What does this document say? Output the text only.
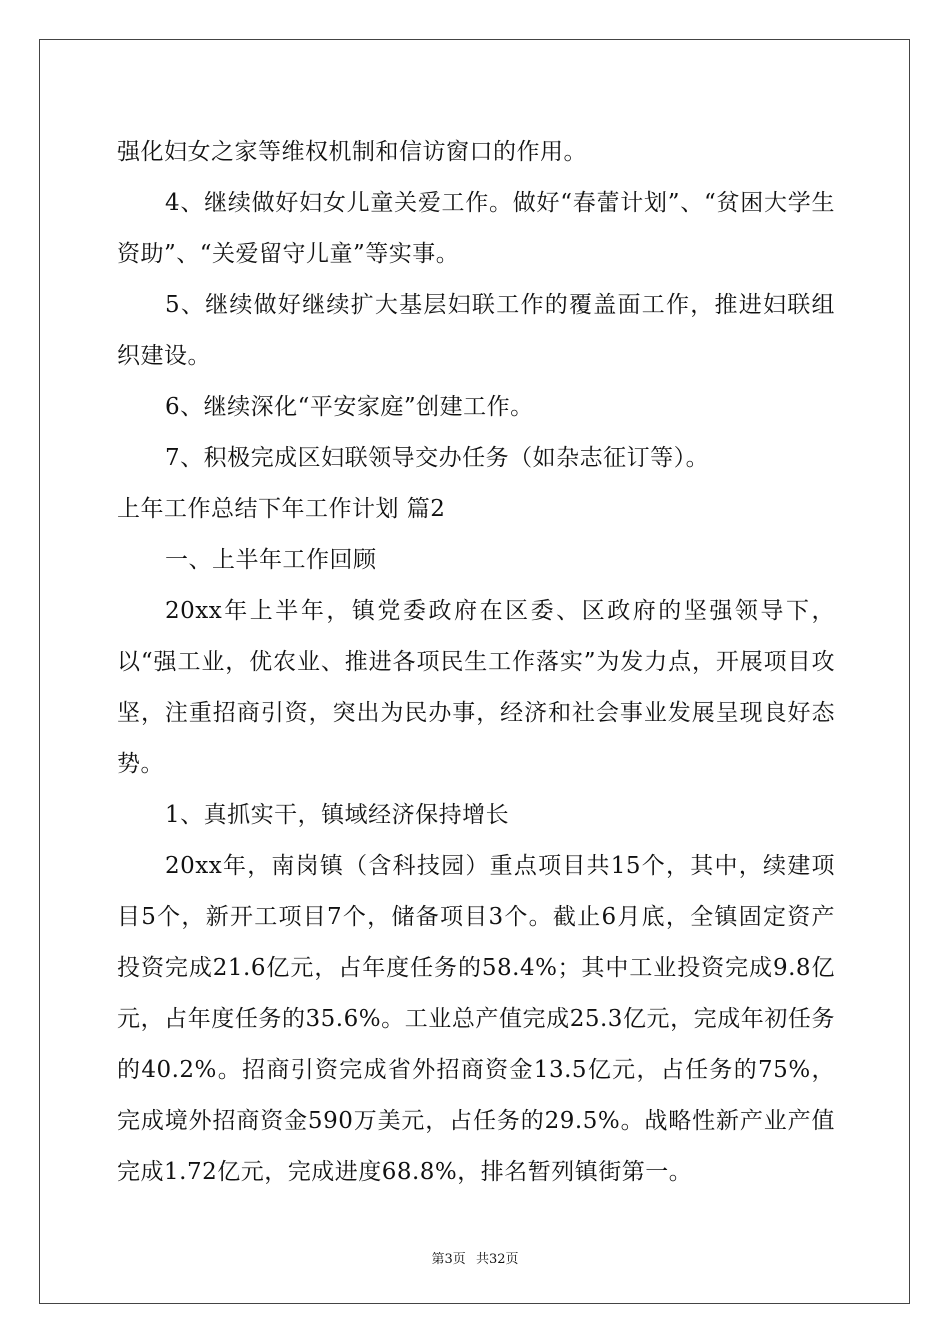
强化妇女之家等维权机制和信访窗口的作用。

4、继续做好妇女儿童关爱工作。做好“春蕾计划”、“贫困大学生资助”、“关爱留守儿童”等实事。

5、继续做好继续扩大基层妇联工作的覆盖面工作，推进妇联组织建设。

6、继续深化“平安家庭”创建工作。

7、积极完成区妇联领导交办任务（如杂志征订等）。

上年工作总结下年工作计划 篇2

一、上半年工作回顾

20xx年上半年，镇党委政府在区委、区政府的坚强领导下，以“强工业，优农业、推进各项民生工作落实”为发力点，开展项目攻坚，注重招商引资，突出为民办事，经济和社会事业发展呈现良好态势。

1、真抓实干，镇域经济保持增长

20xx年，南岗镇（含科技园）重点项目共15个，其中，续建项目5个，新开工项目7个，储备项目3个。截止6月底，全镇固定资产投资完成21.6亿元，占年度任务的58.4%；其中工业投资完成9.8亿元，占年度任务的35.6%。工业总产值完成25.3亿元，完成年初任务的40.2%。招商引资完成省外招商资金13.5亿元，占任务的75%，完成境外招商资金590万美元，占任务的29.5%。战略性新产业产值完成1.72亿元，完成进度68.8%，排名暂列镇街第一。

第3页 共32页
